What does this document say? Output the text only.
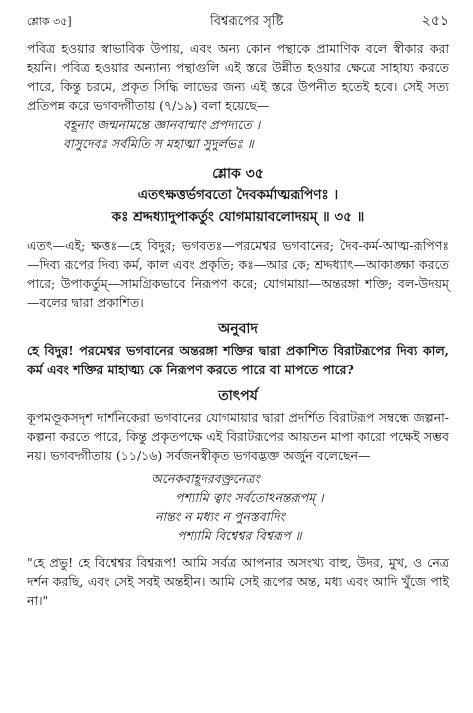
শ্লোক ৩৫]	বিশ্বরূপের সৃষ্টি	২৫১

পবিত্র হওয়ার স্বাভাবিক উপায়, এবং অন্য কোন পন্থাকে প্রামাণিক বলে স্বীকার করা হয়নি। পবিত্র হওয়ার অন্যান্য পন্থাগুলি এই স্তরে উন্নীত হওয়ার ক্ষেত্রে সাহায্য করতে পারে, কিন্তু চরমে, প্রকৃত সিদ্ধি লাভের জন্য এই স্তরে উপনীত হতেই হবে। সেই সত্য প্রতিপন্ন করে ভগবদ্গীতায় (৭/১৯) বলা হয়েছে—

বহূনাং জন্মনামন্তে জ্ঞানবান্মাং প্রপদ্যতে ।
বাসুদেবঃ সর্বমিতি স মহাত্মা সুদুর্লভঃ ॥
শ্লোক ৩৫
এতৎক্ষত্তর্ভগবতো দৈবকর্মাত্মরূপিণঃ ।
কঃ শ্রদ্দধ্যাদুপাকর্তুং যোগমায়াবলোদয়ম্ ॥ ৩৫ ॥

এতৎ—এই; ক্ষত্তঃ—হে বিদুর; ভগবতঃ—পরমেশ্বর ভগবানের; দৈব-কর্ম-আত্ম-রূপিণঃ—দিব্য রূপের দিব্য কর্ম, কাল এবং প্রকৃতি; কঃ—আর কে; শ্রদ্দধ্যাৎ—আকাঙ্ক্ষা করতে পারে; উপাকর্তুম্—সামগ্রিকভাবে নিরূপণ করে; যোগমায়া—অন্তরঙ্গা শক্তি; বল-উদয়ম্—বলের দ্বারা প্রকাশিত।

অনুবাদ

হে বিদুর! পরমেশ্বর ভগবানের অন্তরঙ্গা শক্তির দ্বারা প্রকাশিত বিরাটরূপের দিব্য কাল, কর্ম এবং শক্তির মাহাত্ম্য কে নিরূপণ করতে পারে বা মাপতে পারে?

তাৎপর্য

কূপমণ্ডূকসদৃশ দার্শনিকেরা ভগবানের যোগমায়ার দ্বারা প্রদর্শিত বিরাটরূপ সম্বন্ধে জল্পনা-কল্পনা করতে পারে, কিন্তু প্রকৃতপক্ষে এই বিরাটরূপের আয়তন মাপা কারো পক্ষেই সম্ভব নয়। ভগবদ্গীতায় (১১/১৬) সর্বজনস্বীকৃত ভগবদ্ভক্ত অর্জুন বলেছেন—

অনেকবাহূদরবক্ত্রনেত্রং
পশ্যামি ত্বাং সর্বতোঽনন্তরূপম্ ।
নান্তং ন মধ্যং ন পুনস্তবাদিং
পশ্যামি বিশ্বেশ্বর বিশ্বরূপ ॥

"হে প্রভু! হে বিশ্বেশ্বর বিশ্বরূপ! আমি সর্বত্র আপনার অসংখ্য বাহু, উদর, মুখ, ও নেত্র দর্শন করছি, এবং সেই সবই অন্তহীন। আমি সেই রূপের অন্ত, মধ্য এবং আদি খুঁজে পাই না।"
